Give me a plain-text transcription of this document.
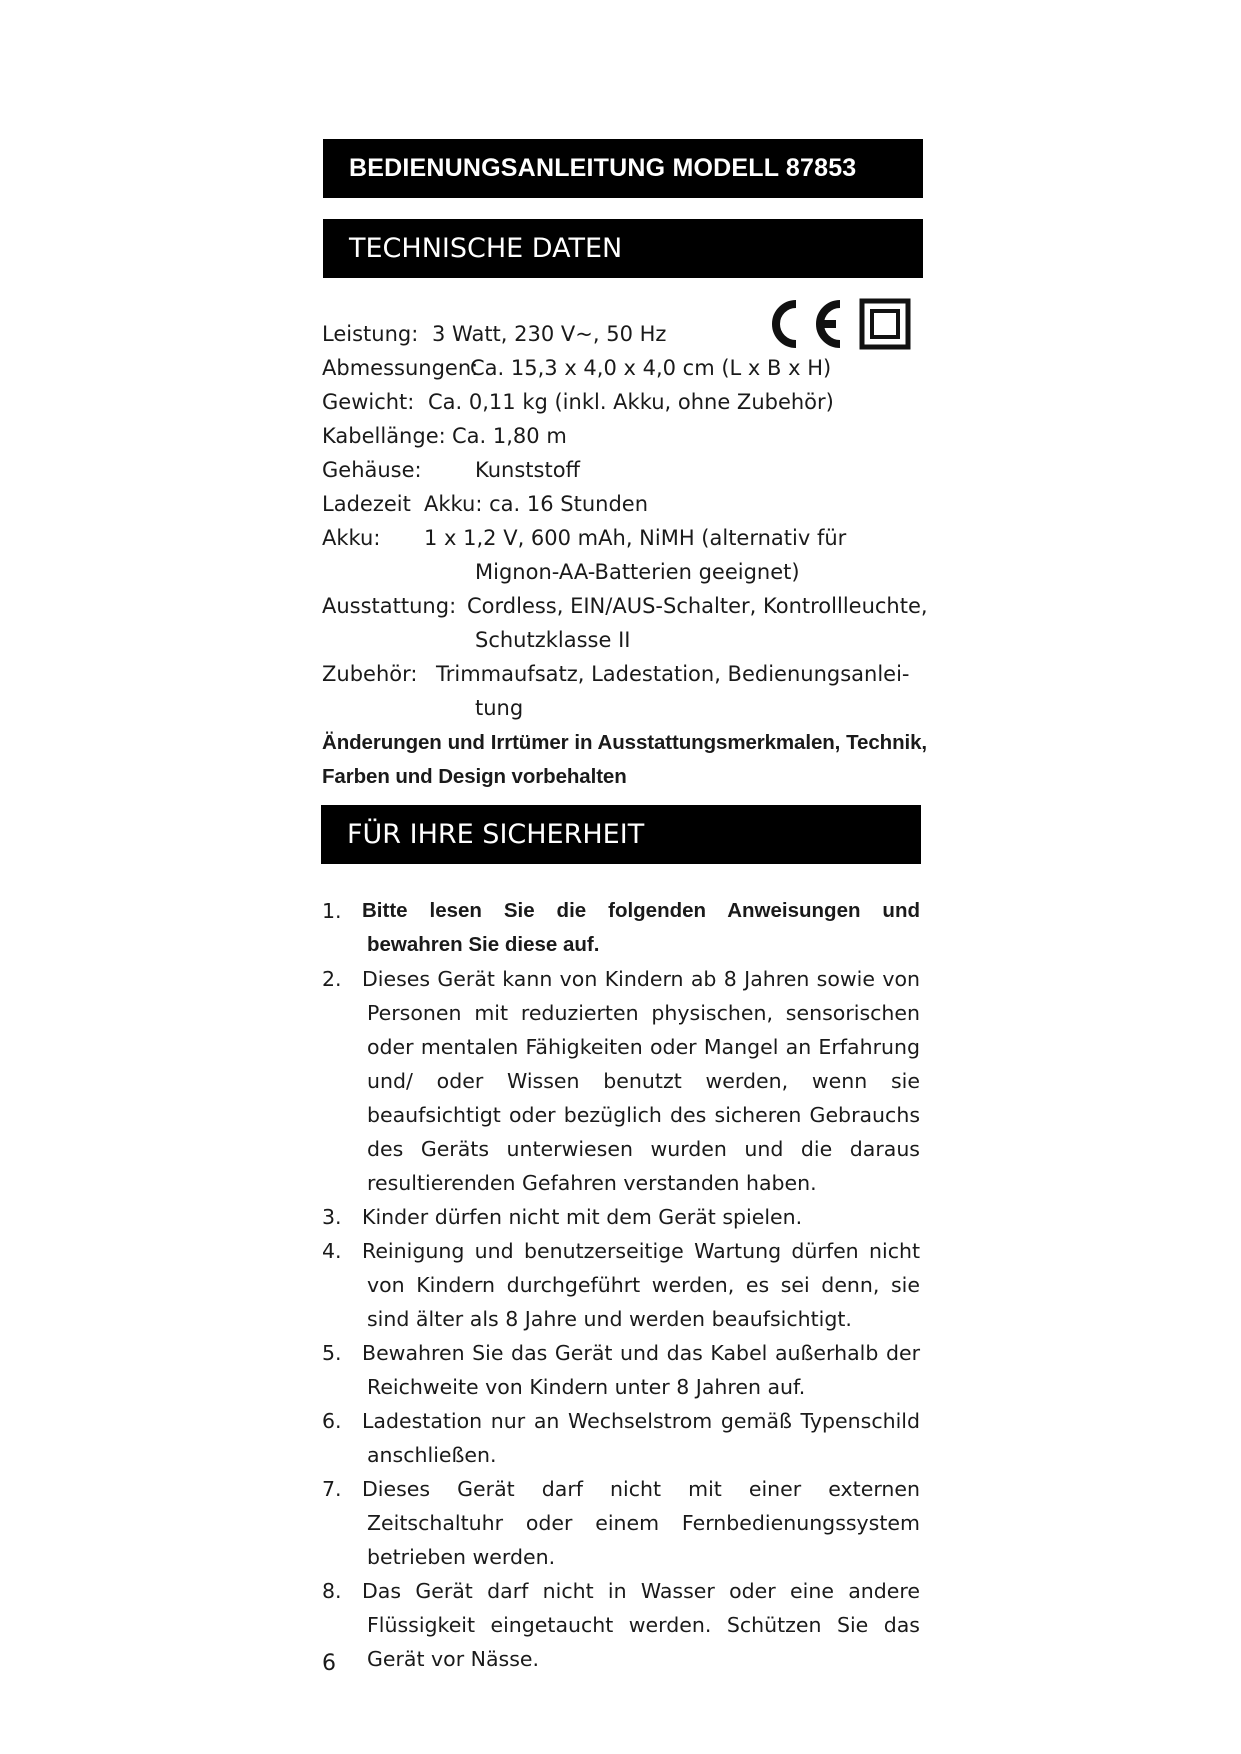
BEDIENUNGSANLEITUNG MODELL 87853
TECHNISCHE DATEN
Leistung: 3 Watt, 230 V~, 50 Hz
Abmessungen:
Ca. 15,3 x 4,0 x 4,0 cm (L x B x H)
Gewicht: Ca. 0,11 kg (inkl. Akku, ohne Zubehör)
Kabellänge: Ca. 1,80 m
Gehäuse:	Kunststoff
Ladezeit Akku: ca. 16 Stunden
Akku: 1 x 1,2 V, 600 mAh, NiMH (alternativ für
Mignon-AA-Batterien geeignet)
Ausstattung: Cordless, EIN/AUS-Schalter, Kontrollleuchte,
Schutzklasse II
Zubehör: Trimmaufsatz, Ladestation, Bedienungsanlei-
tung
Änderungen und Irrtümer in Ausstattungsmerkmalen, Technik, Farben und Design vorbehalten
FÜR IHRE SICHERHEIT
1. Bitte lesen Sie die folgenden Anweisungen und bewahren Sie diese auf.
2. Dieses Gerät kann von Kindern ab 8 Jahren sowie von Personen mit reduzierten physischen, sensorischen oder mentalen Fähigkeiten oder Mangel an Erfahrung und/ oder Wissen benutzt werden, wenn sie beaufsichtigt oder bezüglich des sicheren Gebrauchs des Geräts unterwiesen wurden und die daraus resultierenden Gefahren verstanden haben.
3. Kinder dürfen nicht mit dem Gerät spielen.
4. Reinigung und benutzerseitige Wartung dürfen nicht von Kindern durchgeführt werden, es sei denn, sie sind älter als 8 Jahre und werden beaufsichtigt.
5. Bewahren Sie das Gerät und das Kabel außerhalb der Reichweite von Kindern unter 8 Jahren auf.
6. Ladestation nur an Wechselstrom gemäß Typenschild anschließen.
7. Dieses Gerät darf nicht mit einer externen Zeitschaltuhr oder einem Fernbedienungssystem betrieben werden.
8. Das Gerät darf nicht in Wasser oder eine andere Flüssigkeit eingetaucht werden. Schützen Sie das Gerät vor Nässe.
6
